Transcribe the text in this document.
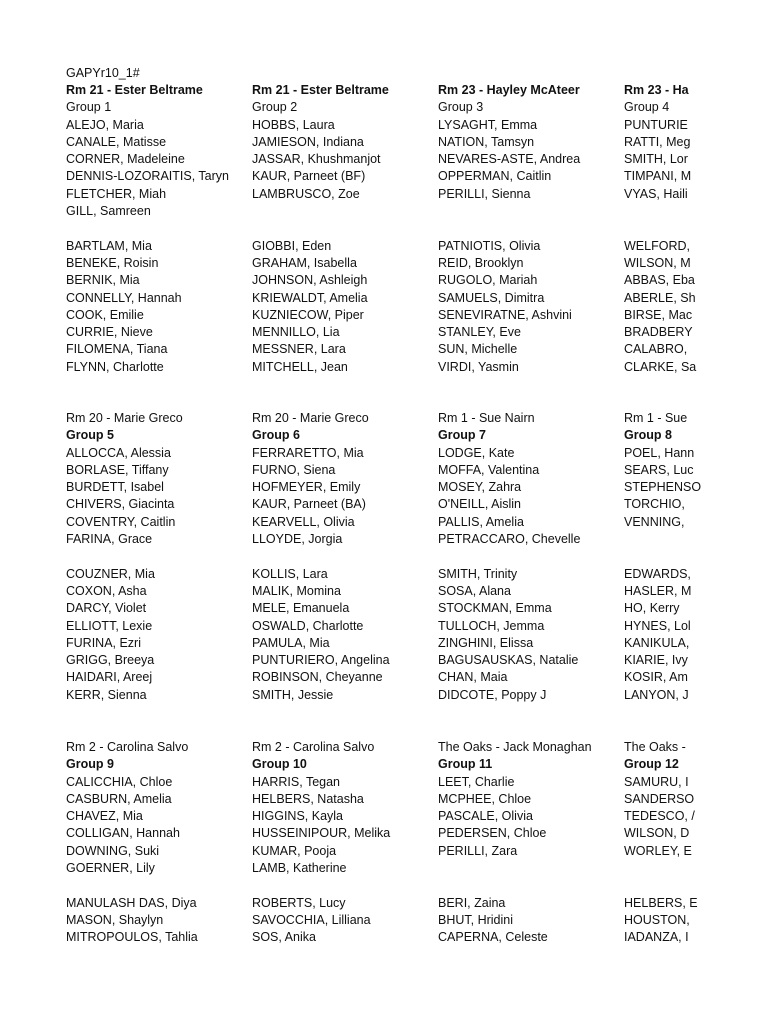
GAPYr10_1#
Rm 21 - Ester Beltrame
Group 1
ALEJO, Maria
CANALE, Matisse
CORNER, Madeleine
DENNIS-LOZORAITIS, Taryn
FLETCHER, Miah
GILL, Samreen
BARTLAM, Mia
BENEKE, Roisin
BERNIK, Mia
CONNELLY, Hannah
COOK, Emilie
CURRIE, Nieve
FILOMENA, Tiana
FLYNN, Charlotte
Rm 21 - Ester Beltrame
Group 2
HOBBS, Laura
JAMIESON, Indiana
JASSAR, Khushmanjot
KAUR, Parneet (BF)
LAMBRUSCO, Zoe
GIOBBI, Eden
GRAHAM, Isabella
JOHNSON, Ashleigh
KRIEWALDT, Amelia
KUZNIECOW, Piper
MENNILLO, Lia
MESSNER, Lara
MITCHELL, Jean
Rm 23 - Hayley McAteer
Group 3
LYSAGHT, Emma
NATION, Tamsyn
NEVARES-ASTE, Andrea
OPPERMAN, Caitlin
PERILLI, Sienna
PATNIOTIS, Olivia
REID, Brooklyn
RUGOLO, Mariah
SAMUELS, Dimitra
SENEVIRATNE, Ashvini
STANLEY, Eve
SUN, Michelle
VIRDI, Yasmin
Rm 23 - Ha
Group 4
PUNTURIE
RATTI, Meg
SMITH, Lor
TIMPANI, M
VYAS, Haili
WELFORD,
WILSON, M
ABBAS, Eba
ABERLE, Sh
BIRSE, Mac
BRADBERY
CALABRO,
CLARKE, Sa
Rm 20 - Marie Greco
Group 5
ALLOCCA, Alessia
BORLASE, Tiffany
BURDETT, Isabel
CHIVERS, Giacinta
COVENTRY, Caitlin
FARINA, Grace
COUZNER, Mia
COXON, Asha
DARCY, Violet
ELLIOTT, Lexie
FURINA, Ezri
GRIGG, Breeya
HAIDARI, Areej
KERR, Sienna
Rm 20 - Marie Greco
Group 6
FERRARETTO, Mia
FURNO, Siena
HOFMEYER, Emily
KAUR, Parneet (BA)
KEARVELL, Olivia
LLOYDE, Jorgia
KOLLIS, Lara
MALIK, Momina
MELE, Emanuela
OSWALD, Charlotte
PAMULA, Mia
PUNTURIERO, Angelina
ROBINSON, Cheyanne
SMITH, Jessie
Rm 1 - Sue Nairn
Group 7
LODGE, Kate
MOFFA, Valentina
MOSEY, Zahra
O'NEILL, Aislin
PALLIS, Amelia
PETRACCARO, Chevelle
SMITH, Trinity
SOSA, Alana
STOCKMAN, Emma
TULLOCH, Jemma
ZINGHINI, Elissa
BAGUSAUSKAS, Natalie
CHAN, Maia
DIDCOTE, Poppy J
Rm 1 - Sue
Group 8
POEL, Hann
SEARS, Luc
STEPHENSO
TORCHIO,
VENNING,
EDWARDS,
HASLER, M
HO, Kerry
HYNES, Lol
KANIKULA,
KIARIE, Ivy
KOSIR, Am
LANYON, J
Rm 2 - Carolina Salvo
Group 9
CALICCHIA, Chloe
CASBURN, Amelia
CHAVEZ, Mia
COLLIGAN, Hannah
DOWNING, Suki
GOERNER, Lily
MANULASH DAS, Diya
MASON, Shaylyn
MITROPOULOS, Tahlia
Rm 2 - Carolina Salvo
Group 10
HARRIS, Tegan
HELBERS, Natasha
HIGGINS, Kayla
HUSSEINIPOUR, Melika
KUMAR, Pooja
LAMB, Katherine
ROBERTS, Lucy
SAVOCCHIA, Lilliana
SOS, Anika
The Oaks - Jack Monaghan
Group 11
LEET, Charlie
MCPHEE, Chloe
PASCALE, Olivia
PEDERSEN, Chloe
PERILLI, Zara
BERI, Zaina
BHUT, Hridini
CAPERNA, Celeste
The Oaks -
Group 12
SAMURU, I
SANDERSO
TEDESCO, /
WILSON, D
WORLEY, E
HELBERS, E
HOUSTON,
IADANZA, I
